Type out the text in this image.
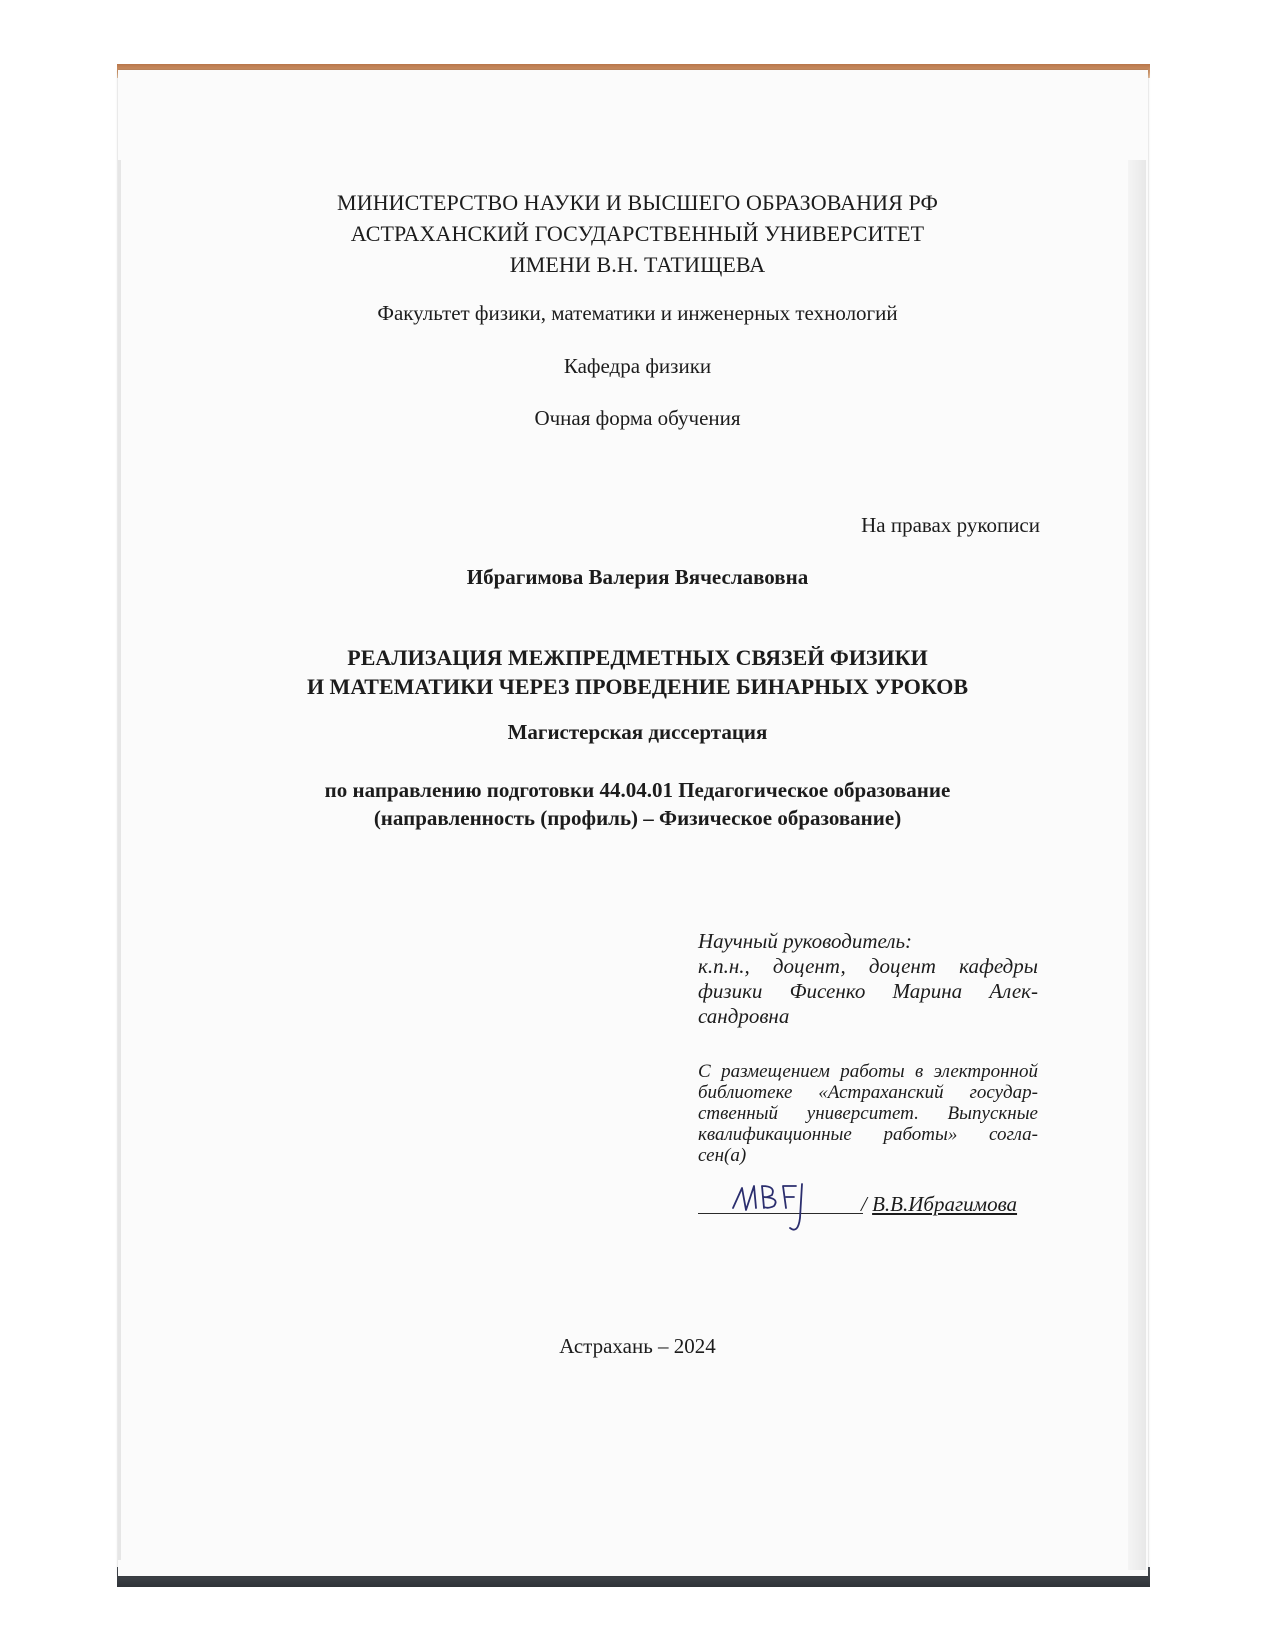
МИНИСТЕРСТВО НАУКИ И ВЫСШЕГО ОБРАЗОВАНИЯ РФ
АСТРАХАНСКИЙ ГОСУДАРСТВЕННЫЙ УНИВЕРСИТЕТ
ИМЕНИ В.Н. ТАТИЩЕВА
Факультет физики, математики и инженерных технологий
Кафедра физики
Очная форма обучения
На правах рукописи
Ибрагимова Валерия Вячеславовна
РЕАЛИЗАЦИЯ МЕЖПРЕДМЕТНЫХ СВЯЗЕЙ ФИЗИКИ
И МАТЕМАТИКИ ЧЕРЕЗ ПРОВЕДЕНИЕ БИНАРНЫХ УРОКОВ
Магистерская диссертация
по направлению подготовки 44.04.01 Педагогическое образование
(направленность (профиль) – Физическое образование)
Научный руководитель:
к.п.н., доцент, доцент кафедры
физики Фисенко Марина Алек-
сандровна
С размещением работы в электронной
библиотеке «Астраханский государ-
ственный университет. Выпускные
квалификационные работы» согла-
сен(а)
/ В.В.Ибрагимова
Астрахань – 2024
